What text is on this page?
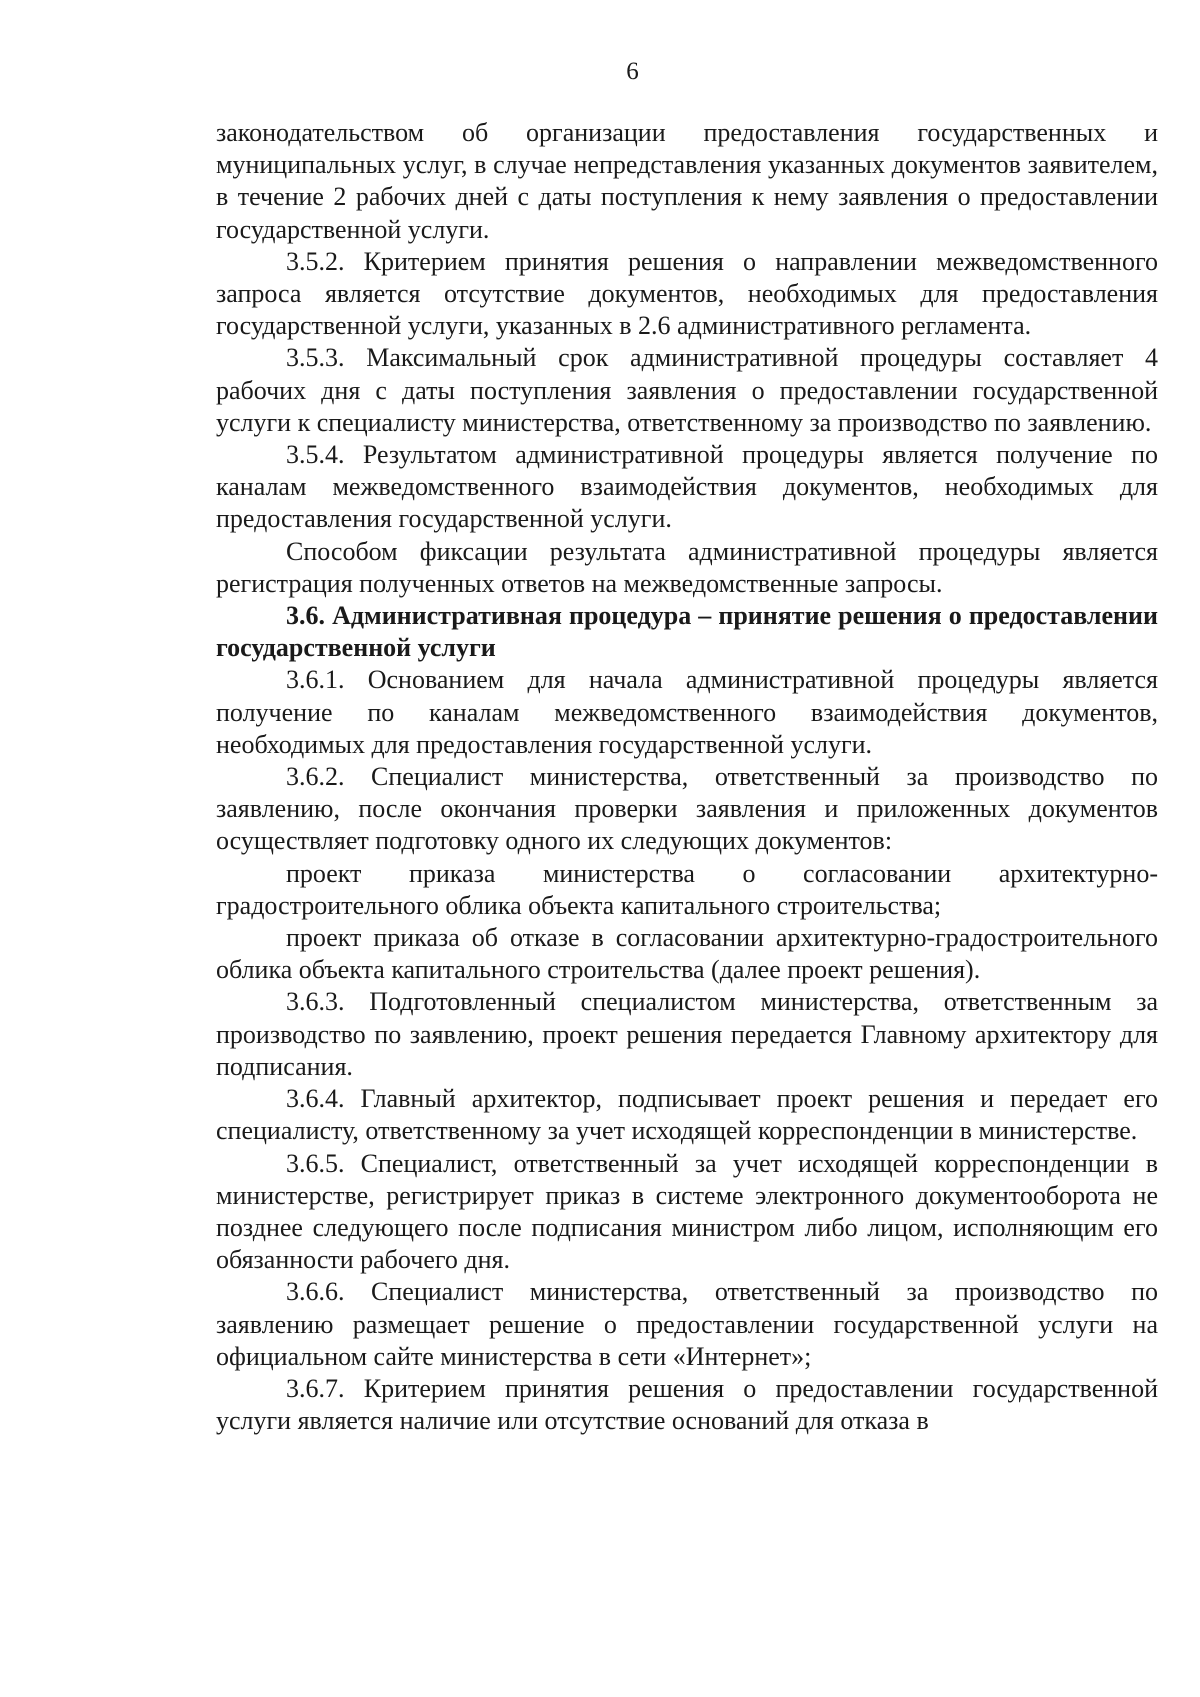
6

законодательством об организации предоставления государственных и муниципальных услуг, в случае непредставления указанных документов заявителем, в течение 2 рабочих дней с даты поступления к нему заявления о предоставлении государственной услуги.

3.5.2. Критерием принятия решения о направлении межведомственного запроса является отсутствие документов, необходимых для предоставления государственной услуги, указанных в 2.6 административного регламента.

3.5.3. Максимальный срок административной процедуры составляет 4 рабочих дня с даты поступления заявления о предоставлении государственной услуги к специалисту министерства, ответственному за производство по заявлению.

3.5.4. Результатом административной процедуры является получение по каналам межведомственного взаимодействия документов, необходимых для предоставления государственной услуги.

Способом фиксации результата административной процедуры является регистрация полученных ответов на межведомственные запросы.

3.6. Административная процедура – принятие решения о предоставлении государственной услуги

3.6.1. Основанием для начала административной процедуры является получение по каналам межведомственного взаимодействия документов, необходимых для предоставления государственной услуги.

3.6.2. Специалист министерства, ответственный за производство по заявлению, после окончания проверки заявления и приложенных документов осуществляет подготовку одного их следующих документов:

проект приказа министерства о согласовании архитектурно-градостроительного облика объекта капитального строительства;

проект приказа об отказе в согласовании архитектурно-градостроительного облика объекта капитального строительства (далее проект решения).

3.6.3. Подготовленный специалистом министерства, ответственным за производство по заявлению, проект решения передается Главному архитектору для подписания.

3.6.4. Главный архитектор, подписывает проект решения и передает его специалисту, ответственному за учет исходящей корреспонденции в министерстве.

3.6.5. Специалист, ответственный за учет исходящей корреспонденции в министерстве, регистрирует приказ в системе электронного документооборота не позднее следующего после подписания министром либо лицом, исполняющим его обязанности рабочего дня.

3.6.6. Специалист министерства, ответственный за производство по заявлению размещает решение о предоставлении государственной услуги на официальном сайте министерства в сети «Интернет»;

3.6.7. Критерием принятия решения о предоставлении государственной услуги является наличие или отсутствие оснований для отказа в
